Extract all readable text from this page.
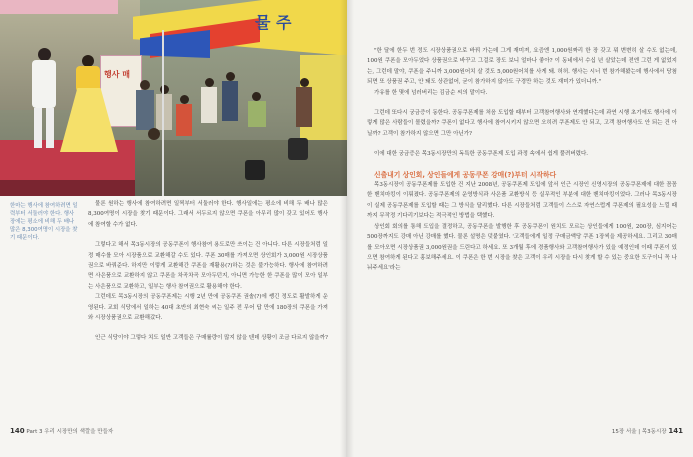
물 주
행사 매
한마는 행사에 참여하려면 일력부터 서둘러야 한다. 행사장에는 평소에 비해 두 배나 많은 8,300여명이 시장을 찾기 때문이다.

물론 원하는 행사에 참여하려면 일찍부터 서둘러야 한다. 행사일에는 평소에 비해 두 배나 많은 8,300여명이 시장을 찾기 때문이다. 그래서 서두르지 않으면 쿠폰을 아무리 많이 갖고 있어도 행사에 참여할 수가 없다.

그렇다고 해서 목3동시장의 공동쿠폰이 행사참여 용도로만 쓰이는 건 아니다. 다른 시장들처럼 일정 매수를 모아 시장품으로 교환해갈 수도 있다. 쿠폰 30매를 가져오면 상인회가 3,000원 시장상품권으로 바꿔준다. 하지만 이렇게 교환해간 쿠폰을 재활용(?)하는 것은 불가능하다. 행사에 참여하려면 사은품으로 교환하지 않고 쿠폰을 차곡차곡 모아두던지, 아니면 가능한 한 쿠폰을 많이 모아 일부는 사은품으로 교환하고, 일부는 행사 참여권으로 활용해야 한다.

그런데도 목3동시장의 공동쿠폰제는 시행 2년 만에 공동쿠폰 권솔(?)에 쌩긴 정도로 활발하게 운영된다. 교회 식당에서 일하는 40대 초반의 최현숙 씨는 일주 전 무어 답 만에 180장의 쿠폰을 가져와 시장상품권으로 교환해갔다.

인근 식당이야 그렇다 치도 일반 고객들은 구매률량이 많지 않을 텐데 상황이 조금 다르지 않을까?

140 Part 3 우리 시장만의 색깔을 만들자

"한 달에 한두 번 정도 시장상품권으로 바꿔 가는데 그게 재미져, 요즘엔 1,000원짜리 한 장 갖고 뭐 변변히 살 수도 없는데, 100원 쿠폰을 모아두었다 상품권으로 바꾸고 그걸로 장도 보니 얼마나 좋아? 이 동네에서 수십 년 살았는데 전엔 그런 게 없었지는, 그런데 말야, 쿠폰을 주니까 3,000원어치 살 것도 5,000원어치를 사게 돼. 허허. 행사는 시너 번 참가해봤는데 행사에서 당첨되면 또 상품권 주고, 안 돼도 상관없어, 굳이 참가하지 않아도 구경만 하는 것도 재미가 있더니까."

가유를 한 몇에 넘러버리는 김금순 씨의 말이다.

그런데 또다시 궁금증이 동한다. 공동쿠폰제를 처음 도입할 때부터 고객참여행사와 연계했다는데 과연 시행 초기에도 행사에 이렇게 많은 사람들이 몰렸을까? 쿠폰이 없다고 행사에 참여시키지 않으면 오히려 쿠폰제도 안 되고, 고객 참여행사도 안 되는 건 아닐까? 고객이 참가하지 않으면 그만 아닌가?

이에 대한 궁금증은 목3동시장만의 독특한 공동쿠폰제 도입 과정 속에서 쉽게 풀려버렸다.

신출내기 상인회, 상인들에게 공동쿠폰 강매(?)부터 시작하다

목3동시장이 공동쿠폰제를 도입한 건 지난 2008년, 공동쿠폰제 도입에 앞서 인근 시장인 신영시장의 공동쿠폰제에 대한 꼼꼼한 벤치마킹이 이뤄졌다. 공동쿠폰제의 운영방식과 사은품 교환방식 등 실무적인 부분에 대한 벤치마킹이었다. 그러나 목3동시장이 실제 공동쿠폰제를 도입할 때는 그 방식을 달리했다. 다른 시장들처럼 고객들이 스스로 자연스럽게 쿠폰제의 필요성을 느낄 때까지 무작정 기다리기보다는 적극적인 방법을 택했다.

상인회 회의를 통해 도입을 결정하고, 공동쿠폰을 발행한 후 공동쿠폰이 원치도 모르는 상인들에게 100원, 200장, 심지어는 500장까지도 강매 아닌 강매를 했다. 물론 설명은 덧붙였다. '고객들에게 일정 구매금액당 쿠폰 1장씩을 제공하세요. 그리고 30매를 모아오면 시장상품권 3,000원권을 드린다고 하세요. 또 3개월 후에 경품행사와 고객참여행사가 있을 예정인데 이때 쿠폰이 있으면 참여하게 된다고 홍보해주세요. 이 쿠폰은 한 번 시장을 찾은 고객이 우리 시장을 다시 찾게 할 수 있는 중요한 도구이니 꼭 나눠주세요'라는

15장 서울 | 목3동시장 141
